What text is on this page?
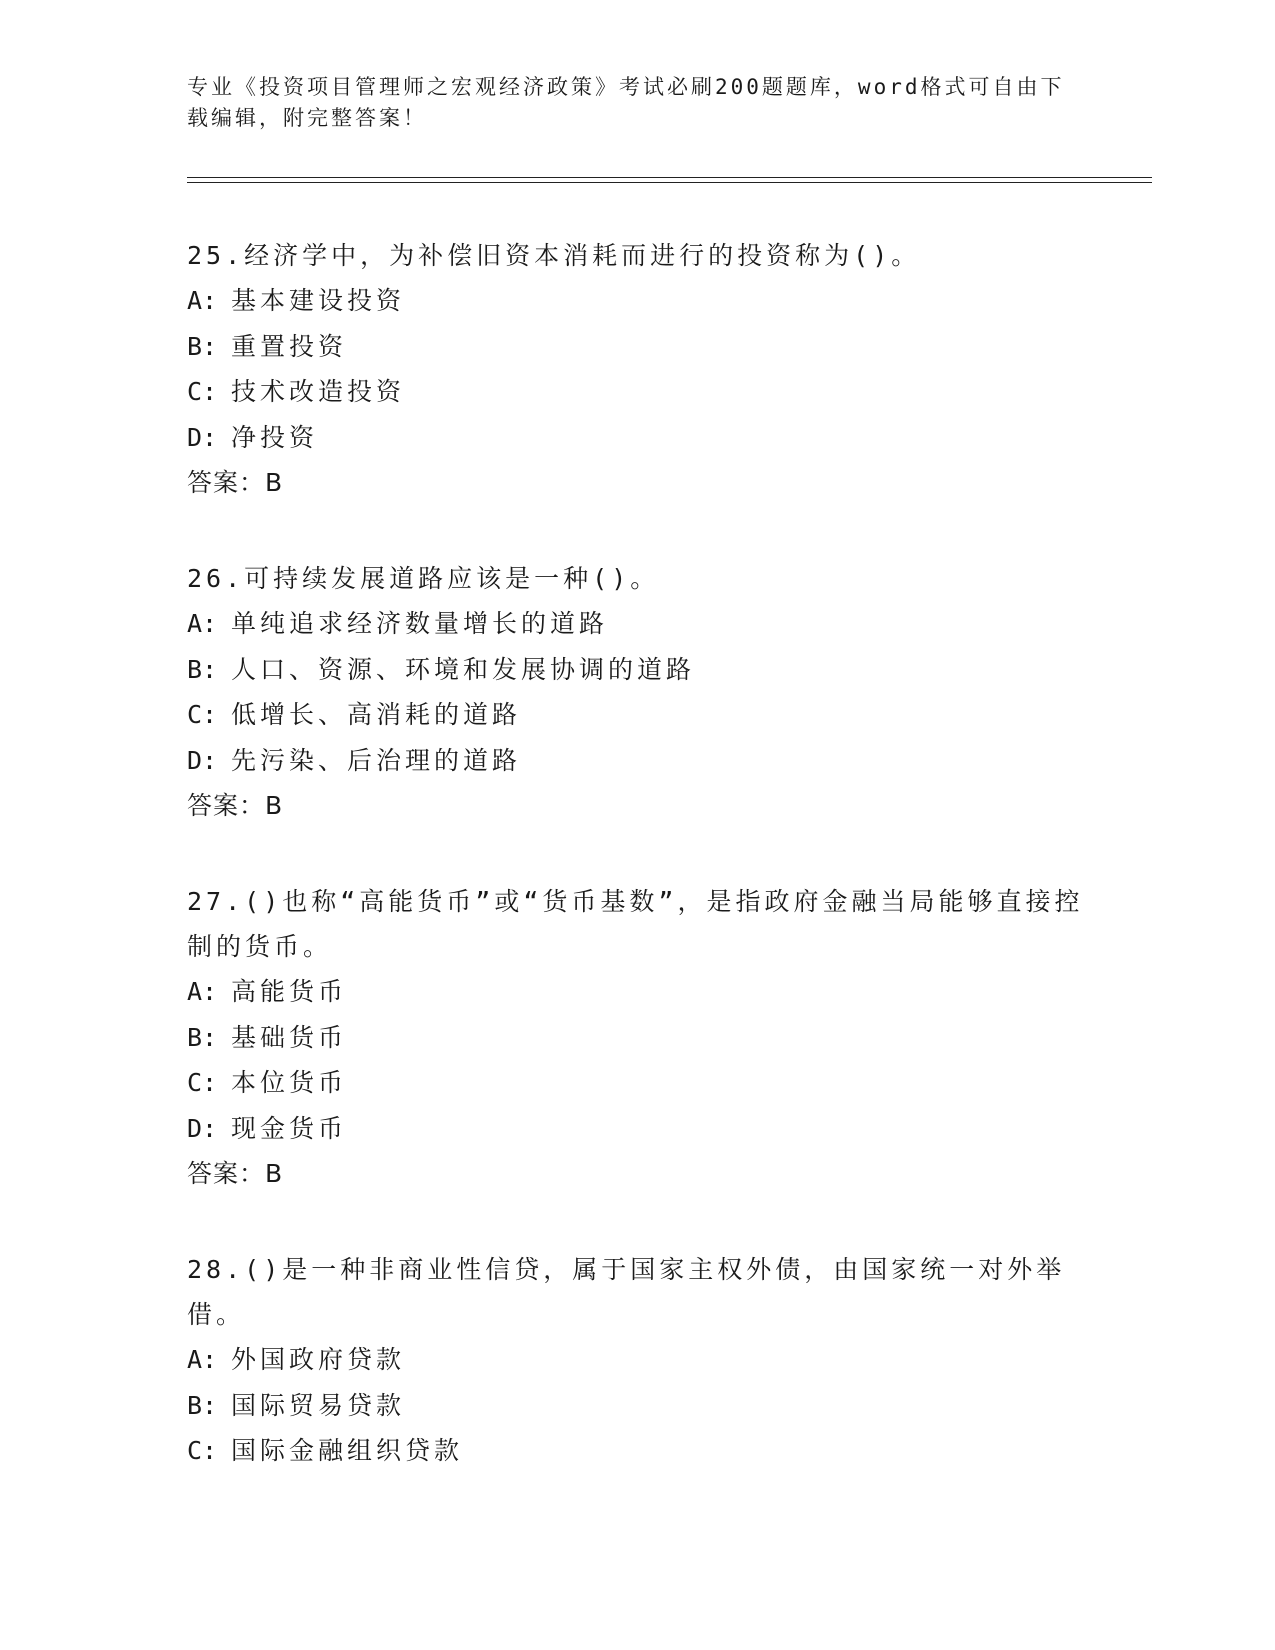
专业《投资项目管理师之宏观经济政策》考试必刷200题题库，word格式可自由下载编辑，附完整答案！

25.经济学中，为补偿旧资本消耗而进行的投资称为()。

A: 基本建设投资

B: 重置投资

C: 技术改造投资

D: 净投资

答案：B

26.可持续发展道路应该是一种()。

A: 单纯追求经济数量增长的道路

B: 人口、资源、环境和发展协调的道路

C: 低增长、高消耗的道路

D: 先污染、后治理的道路

答案：B

27.()也称“高能货币”或“货币基数”，是指政府金融当局能够直接控制的货币。

A: 高能货币

B: 基础货币

C: 本位货币

D: 现金货币

答案：B

28.()是一种非商业性信贷，属于国家主权外债，由国家统一对外举借。

A: 外国政府贷款

B: 国际贸易贷款

C: 国际金融组织贷款
